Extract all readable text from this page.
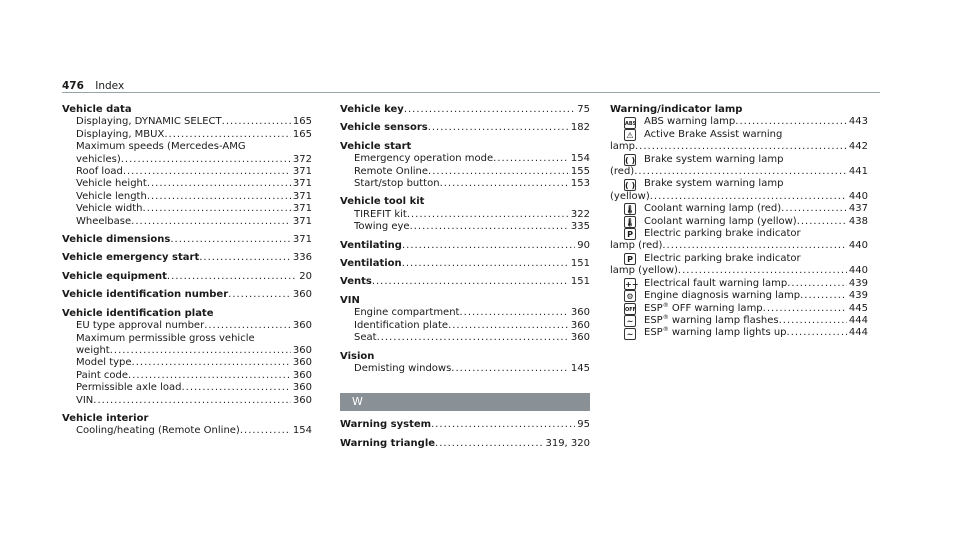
476 Index
Vehicle data
Displaying, DYNAMIC SELECT .....	165
Displaying, MBUX .....	165
Maximum speeds (Mercedes-AMG
vehicles) .....	372
Roof load .....	371
Vehicle height .....	371
Vehicle length .....	371
Vehicle width .....	371
Wheelbase .....	371
Vehicle dimensions .....	371
Vehicle emergency start .....	336
Vehicle equipment .....	20
Vehicle identification number .....	360
Vehicle identification plate
EU type approval number .....	360
Maximum permissible gross vehicle
weight .....	360
Model type .....	360
Paint code .....	360
Permissible axle load .....	360
VIN .....	360
Vehicle interior
Cooling/heating (Remote Online) .....	154
Vehicle key .....	75
Vehicle sensors .....	182
Vehicle start
Emergency operation mode .....	154
Remote Online .....	155
Start/stop button .....	153
Vehicle tool kit
TIREFIT kit .....	322
Towing eye .....	335
Ventilating .....	90
Ventilation .....	151
Vents .....	151
VIN
Engine compartment .....	360
Identification plate .....	360
Seat .....	360
Vision
Demisting windows .....	145
W
Warning system .....	95
Warning triangle .....	319, 320
Warning/indicator lamp
ABS ABS warning lamp .....	443
⚠ Active Brake Assist warning
lamp .....	442
( ) Brake system warning lamp
(red) .....	441
( ) Brake system warning lamp
(yellow) .....	440
🌡 Coolant warning lamp (red) .....	437
🌡 Coolant warning lamp (yellow) .....	438
P	Electric parking brake indicator
lamp (red) .....	440
P	Electric parking brake indicator
lamp (yellow) .....	440
+− Electrical fault warning lamp .....	439
⚙ Engine diagnosis warning lamp .....	439
OFF ESP® OFF warning lamp .....	445
~ ESP® warning lamp flashes .....	444
~ ESP® warning lamp lights up .....	444
